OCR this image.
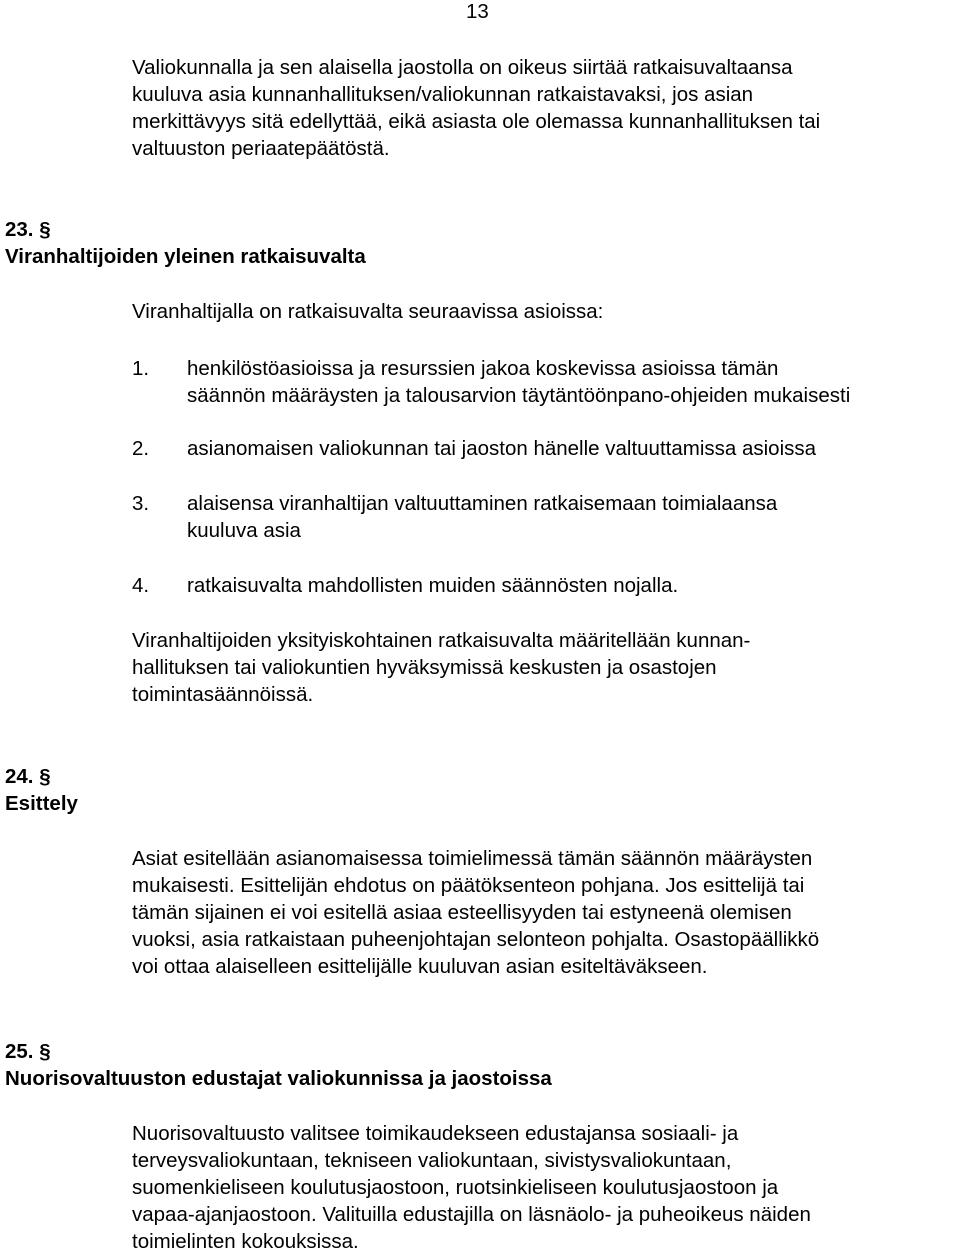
13
Valiokunnalla ja sen alaisella jaostolla on oikeus siirtää ratkaisuvaltaansa
kuuluva asia kunnanhallituksen/valiokunnan ratkaistavaksi, jos asian
merkittävyys sitä edellyttää, eikä asiasta ole olemassa kunnanhallituksen tai
valtuuston periaatepäätöstä.
23. §
Viranhaltijoiden yleinen ratkaisuvalta
Viranhaltijalla on ratkaisuvalta seuraavissa asioissa:
1. henkilöstöasioissa ja resurssien jakoa koskevissa asioissa tämän
säännön määräysten ja talousarvion täytäntöönpano-ohjeiden mukaisesti
2. asianomaisen valiokunnan tai jaoston hänelle valtuuttamissa asioissa
3. alaisensa viranhaltijan valtuuttaminen ratkaisemaan toimialaansa
kuuluva asia
4. ratkaisuvalta mahdollisten muiden säännösten nojalla.
Viranhaltijoiden yksityiskohtainen ratkaisuvalta määritellään kunnan-
hallituksen tai valiokuntien hyväksymissä keskusten ja osastojen
toimintasäännöissä.
24. §
Esittely
Asiat esitellään asianomaisessa toimielimessä tämän säännön määräysten
mukaisesti. Esittelijän ehdotus on päätöksenteon pohjana. Jos esittelijä tai
tämän sijainen ei voi esitellä asiaa esteellisyyden tai estyneenä olemisen
vuoksi, asia ratkaistaan puheenjohtajan selonteon pohjalta. Osastopäällikkö
voi ottaa alaiselleen esittelijälle kuuluvan asian esiteltäväkseen.
25. §
Nuorisovaltuuston edustajat valiokunnissa ja jaostoissa
Nuorisovaltuusto valitsee toimikaudekseen edustajansa sosiaali- ja
terveysvaliokuntaan, tekniseen valiokuntaan, sivistysvaliokuntaan,
suomenkieliseen koulutusjaostoon, ruotsinkieliseen koulutusjaostoon ja
vapaa-ajanjaostoon. Valituilla edustajilla on läsnäolo- ja puheoikeus näiden
toimielinten kokouksissa.
